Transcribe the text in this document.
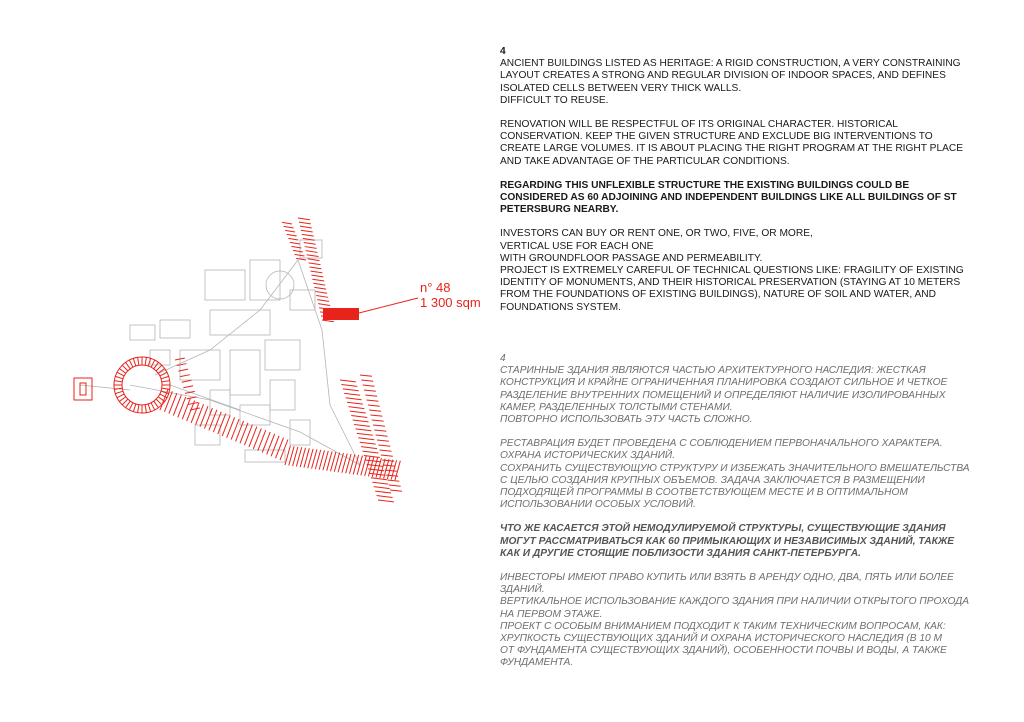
n° 48
1 300 sqm

4

ANCIENT BUILDINGS LISTED AS HERITAGE: A RIGID CONSTRUCTION, A VERY CONSTRAINING
LAYOUT CREATES A STRONG AND REGULAR DIVISION OF INDOOR SPACES, AND DEFINES
ISOLATED CELLS BETWEEN VERY THICK WALLS.
DIFFICULT TO REUSE.

RENOVATION WILL BE RESPECTFUL OF ITS ORIGINAL CHARACTER. HISTORICAL
CONSERVATION. KEEP THE GIVEN STRUCTURE AND EXCLUDE BIG INTERVENTIONS TO
CREATE LARGE VOLUMES. IT IS ABOUT PLACING THE RIGHT PROGRAM AT THE RIGHT PLACE
AND TAKE ADVANTAGE OF THE PARTICULAR CONDITIONS.

REGARDING THIS UNFLEXIBLE STRUCTURE THE EXISTING BUILDINGS COULD BE
CONSIDERED AS 60 ADJOINING AND INDEPENDENT BUILDINGS LIKE ALL BUILDINGS OF ST
PETERSBURG NEARBY.

INVESTORS CAN BUY OR RENT ONE, OR TWO, FIVE, OR MORE,
VERTICAL USE FOR EACH ONE
WITH GROUNDFLOOR PASSAGE AND PERMEABILITY.
PROJECT IS EXTREMELY CAREFUL OF TECHNICAL QUESTIONS LIKE: FRAGILITY OF EXISTING
IDENTITY OF MONUMENTS, AND THEIR HISTORICAL PRESERVATION (STAYING AT 10 METERS
FROM THE FOUNDATIONS OF EXISTING BUILDINGS), NATURE OF SOIL AND WATER, AND
FOUNDATIONS SYSTEM.

4

СТАРИННЫЕ ЗДАНИЯ ЯВЛЯЮТСЯ ЧАСТЬЮ АРХИТЕКТУРНОГО НАСЛЕДИЯ: ЖЕСТКАЯ
КОНСТРУКЦИЯ И КРАЙНЕ ОГРАНИЧЕННАЯ ПЛАНИРОВКА СОЗДАЮТ СИЛЬНОЕ И ЧЕТКОЕ
РАЗДЕЛЕНИЕ ВНУТРЕННИХ ПОМЕЩЕНИЙ И ОПРЕДЕЛЯЮТ НАЛИЧИЕ ИЗОЛИРОВАННЫХ
КАМЕР, РАЗДЕЛЕННЫХ ТОЛСТЫМИ СТЕНАМИ.
ПОВТОРНО ИСПОЛЬЗОВАТЬ ЭТУ ЧАСТЬ СЛОЖНО.

РЕСТАВРАЦИЯ БУДЕТ ПРОВЕДЕНА С СОБЛЮДЕНИЕМ ПЕРВОНАЧАЛЬНОГО ХАРАКТЕРА.
ОХРАНА ИСТОРИЧЕСКИХ ЗДАНИЙ.
СОХРАНИТЬ СУЩЕСТВУЮЩУЮ СТРУКТУРУ И ИЗБЕЖАТЬ ЗНАЧИТЕЛЬНОГО ВМЕШАТЕЛЬСТВА
С ЦЕЛЬЮ СОЗДАНИЯ КРУПНЫХ ОБЪЕМОВ. ЗАДАЧА ЗАКЛЮЧАЕТСЯ В РАЗМЕЩЕНИИ
ПОДХОДЯЩЕЙ ПРОГРАММЫ В СООТВЕТСТВУЮЩЕМ МЕСТЕ И В ОПТИМАЛЬНОМ
ИСПОЛЬЗОВАНИИ ОСОБЫХ УСЛОВИЙ.

ЧТО ЖЕ КАСАЕТСЯ ЭТОЙ НЕМОДУЛИРУЕМОЙ СТРУКТУРЫ, СУЩЕСТВУЮЩИЕ ЗДАНИЯ
МОГУТ РАССМАТРИВАТЬСЯ КАК 60 ПРИМЫКАЮЩИХ И НЕЗАВИСИМЫХ ЗДАНИЙ, ТАКЖЕ
КАК И ДРУГИЕ СТОЯЩИЕ ПОБЛИЗОСТИ ЗДАНИЯ САНКТ-ПЕТЕРБУРГА.

ИНВЕСТОРЫ ИМЕЮТ ПРАВО КУПИТЬ ИЛИ ВЗЯТЬ В АРЕНДУ ОДНО, ДВА, ПЯТЬ ИЛИ БОЛЕЕ
ЗДАНИЙ.
ВЕРТИКАЛЬНОЕ ИСПОЛЬЗОВАНИЕ КАЖДОГО ЗДАНИЯ ПРИ НАЛИЧИИ ОТКРЫТОГО ПРОХОДА
НА ПЕРВОМ ЭТАЖЕ.
ПРОЕКТ С ОСОБЫМ ВНИМАНИЕМ ПОДХОДИТ К ТАКИМ ТЕХНИЧЕСКИМ ВОПРОСАМ, КАК:
ХРУПКОСТЬ СУЩЕСТВУЮЩИХ ЗДАНИЙ И ОХРАНА ИСТОРИЧЕСКОГО НАСЛЕДИЯ (В 10 М
ОТ ФУНДАМЕНТА СУЩЕСТВУЮЩИХ ЗДАНИЙ), ОСОБЕННОСТИ ПОЧВЫ И ВОДЫ, А ТАКЖЕ
ФУНДАМЕНТА.
